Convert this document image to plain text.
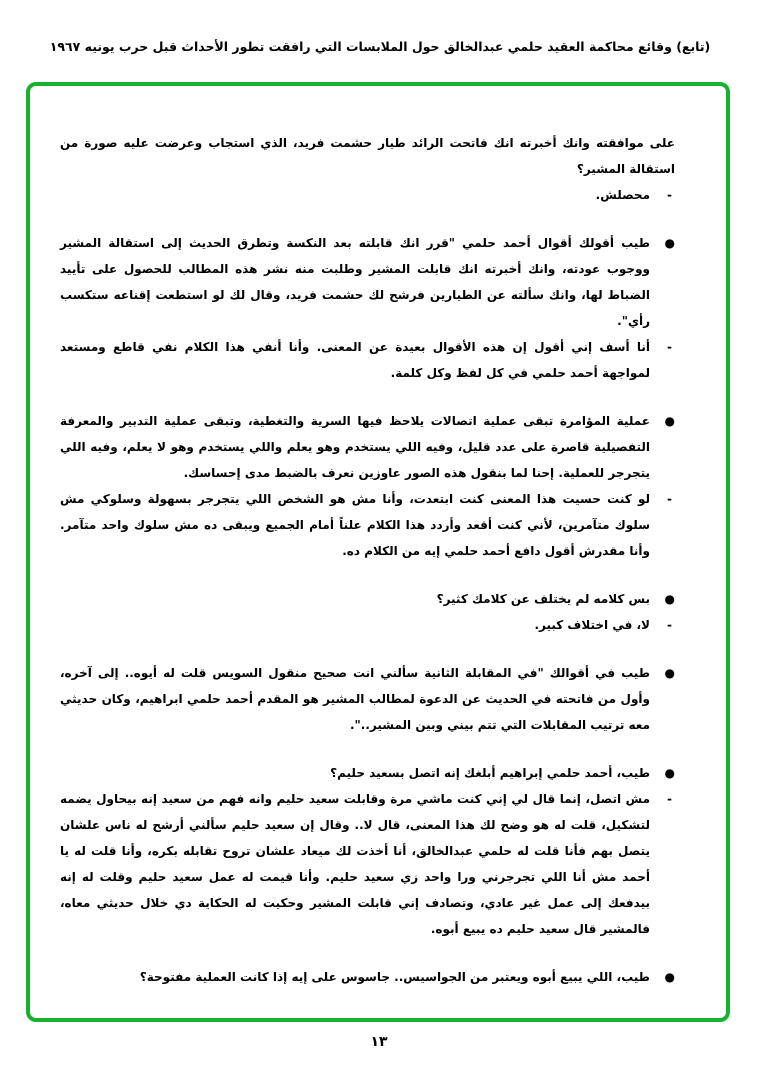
(تابع) وقائع محاكمة العقيد حلمي عبدالخالق حول الملابسات التي رافقت تطور الأحداث قبل حرب يونيه ١٩٦٧

على موافقته وانك أخبرته انك فاتحت الرائد طيار حشمت فريد، الذي استجاب وعرضت عليه صورة من استقالة المشير؟

-
محصلش.

●
طيب أقولك أقوال أحمد حلمي "قرر انك قابلته بعد النكسة وتطرق الحديث إلى استقالة المشير ووجوب عودته، وانك أخبرته انك قابلت المشير وطلبت منه نشر هذه المطالب للحصول على تأييد الضباط لها، وانك سألته عن الطيارين فرشح لك حشمت فريد، وقال لك لو استطعت إقناعه ستكسب رأي".

-
أنا أسف إني أقول إن هذه الأقوال بعيدة عن المعنى. وأنا أنفي هذا الكلام نفي قاطع ومستعد لمواجهة أحمد حلمي في كل لفظ وكل كلمة.

●
عملية المؤامرة تبقى عملية اتصالات يلاحظ فيها السرية والتغطية، وتبقى عملية التدبير والمعرفة التفصيلية قاصرة على عدد قليل، وفيه اللي يستخدم وهو يعلم واللي يستخدم وهو لا يعلم، وفيه اللي يتجرجر للعملية. إحنا لما بنقول هذه الصور عاوزين نعرف بالضبط مدى إحساسك.

-
لو كنت حسيت هذا المعنى كنت ابتعدت، وأنا مش هو الشخص اللي يتجرجر بسهولة وسلوكي مش سلوك متآمرين، لأني كنت أقعد وأردد هذا الكلام علناً أمام الجميع ويبقى ده مش سلوك واحد متآمر. وأنا مقدرش أقول دافع أحمد حلمي إيه من الكلام ده.

●
بس كلامه لم يختلف عن كلامك كثير؟

-
لا، في اختلاف كبير.

●
طيب في أقوالك "في المقابلة الثانية سألني انت صحيح منقول السويس قلت له أيوه.. إلى آخره، وأول من فاتحته في الحديث عن الدعوة لمطالب المشير هو المقدم أحمد حلمي ابراهيم، وكان حديثي معه ترتيب المقابلات التي تتم بيني وبين المشير..".

●
طيب، أحمد حلمي إبراهيم أبلغك إنه اتصل بسعيد حليم؟

-
مش اتصل، إنما قال لي إني كنت ماشي مرة وقابلت سعيد حليم وانه فهم من سعيد إنه بيحاول يضمه لتشكيل، قلت له هو وضح لك هذا المعنى، قال لا.. وقال إن سعيد حليم سألني أرشح له ناس علشان يتصل بهم فأنا قلت له حلمي عبدالخالق، أنا أخذت لك ميعاد علشان تروح تقابله بكره، وأنا قلت له يا أحمد مش أنا اللي تجرجرني ورا واحد زي سعيد حليم. وأنا قيمت له عمل سعيد حليم وقلت له إنه بيدفعك إلى عمل غير عادي، وتصادف إني قابلت المشير وحكيت له الحكاية دي خلال حديثي معاه، فالمشير قال سعيد حليم ده يبيع أبوه.

●
طيب، اللي يبيع أبوه ويعتبر من الجواسيس.. جاسوس على إيه إذا كانت العملية مفتوحة؟

١٣
